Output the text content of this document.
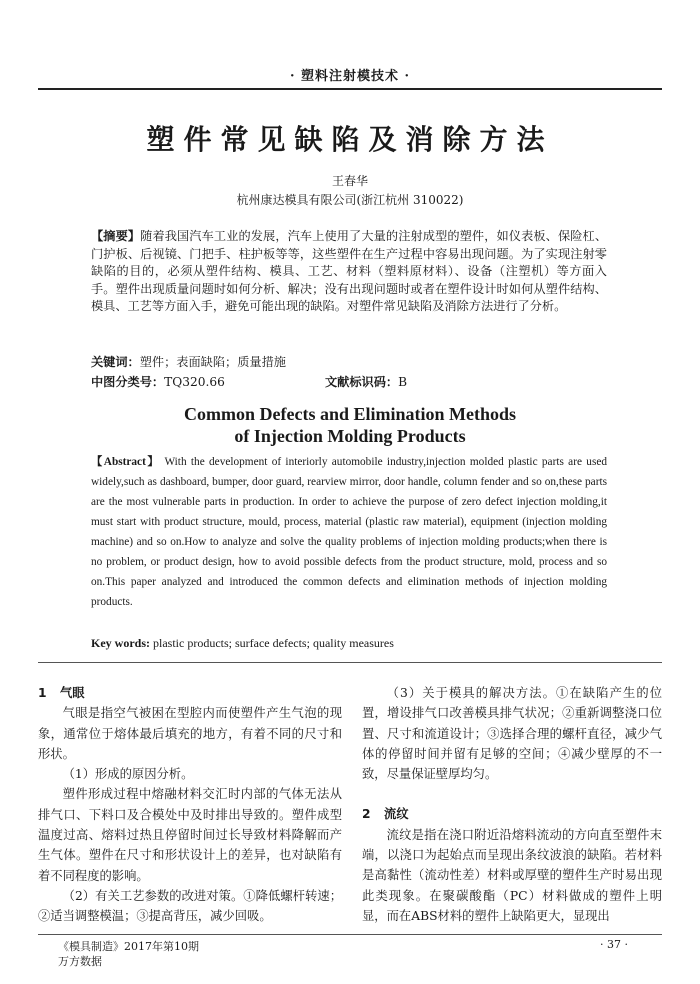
· 塑料注射模技术 ·
塑件常见缺陷及消除方法
王春华
杭州康达模具有限公司(浙江杭州 310022)
【摘要】随着我国汽车工业的发展，汽车上使用了大量的注射成型的塑件，如仪表板、保险杠、门护板、后视镜、门把手、柱护板等等，这些塑件在生产过程中容易出现问题。为了实现注射零缺陷的目的，必须从塑件结构、模具、工艺、材料（塑料原材料）、设备（注塑机）等方面入手。塑件出现质量问题时如何分析、解决；没有出现问题时或者在塑件设计时如何从塑件结构、模具、工艺等方面入手，避免可能出现的缺陷。对塑件常见缺陷及消除方法进行了分析。
关键词：塑件；表面缺陷；质量措施
中图分类号：TQ320.66	文献标识码：B
Common Defects and Elimination Methods
of Injection Molding Products
【Abstract】 With the development of interiorly automobile industry,injection molded plastic parts are used widely,such as dashboard, bumper, door guard, rearview mirror, door handle, column fender and so on,these parts are the most vulnerable parts in production. In order to achieve the purpose of zero defect injection molding,it must start with product structure, mould, process, material (plastic raw material), equipment (injection molding machine) and so on.How to analyze and solve the quality problems of injection molding products;when there is no problem, or product design, how to avoid possible defects from the product structure, mold, process and so on.This paper analyzed and introduced the common defects and elimination methods of injection molding products.
Key words: plastic products; surface defects; quality measures

1 气眼

气眼是指空气被困在型腔内而使塑件产生气泡的现象，通常位于熔体最后填充的地方，有着不同的尺寸和形状。

（1）形成的原因分析。

塑件形成过程中熔融材料交汇时内部的气体无法从排气口、下料口及合模处中及时排出导致的。塑件成型温度过高、熔料过热且停留时间过长导致材料降解而产生气体。塑件在尺寸和形状设计上的差异，也对缺陷有着不同程度的影响。

（2）有关工艺参数的改进对策。①降低螺杆转速；②适当调整模温；③提高背压，减少回吸。

（3）关于模具的解决方法。①在缺陷产生的位置，增设排气口改善模具排气状况；②重新调整浇口位置、尺寸和流道设计；③选择合理的螺杆直径，减少气体的停留时间并留有足够的空间；④减少壁厚的不一致，尽量保证壁厚均匀。

2 流纹

流纹是指在浇口附近沿熔料流动的方向直至塑件末端，以浇口为起始点而呈现出条纹波浪的缺陷。若材料是高黏性（流动性差）材料或厚壁的塑件生产时易出现此类现象。在聚碳酸酯（PC）材料做成的塑件上明显，而在ABS材料的塑件上缺陷更大，显现出

《模具制造》2017年第10期	· 37 ·
万方数据
